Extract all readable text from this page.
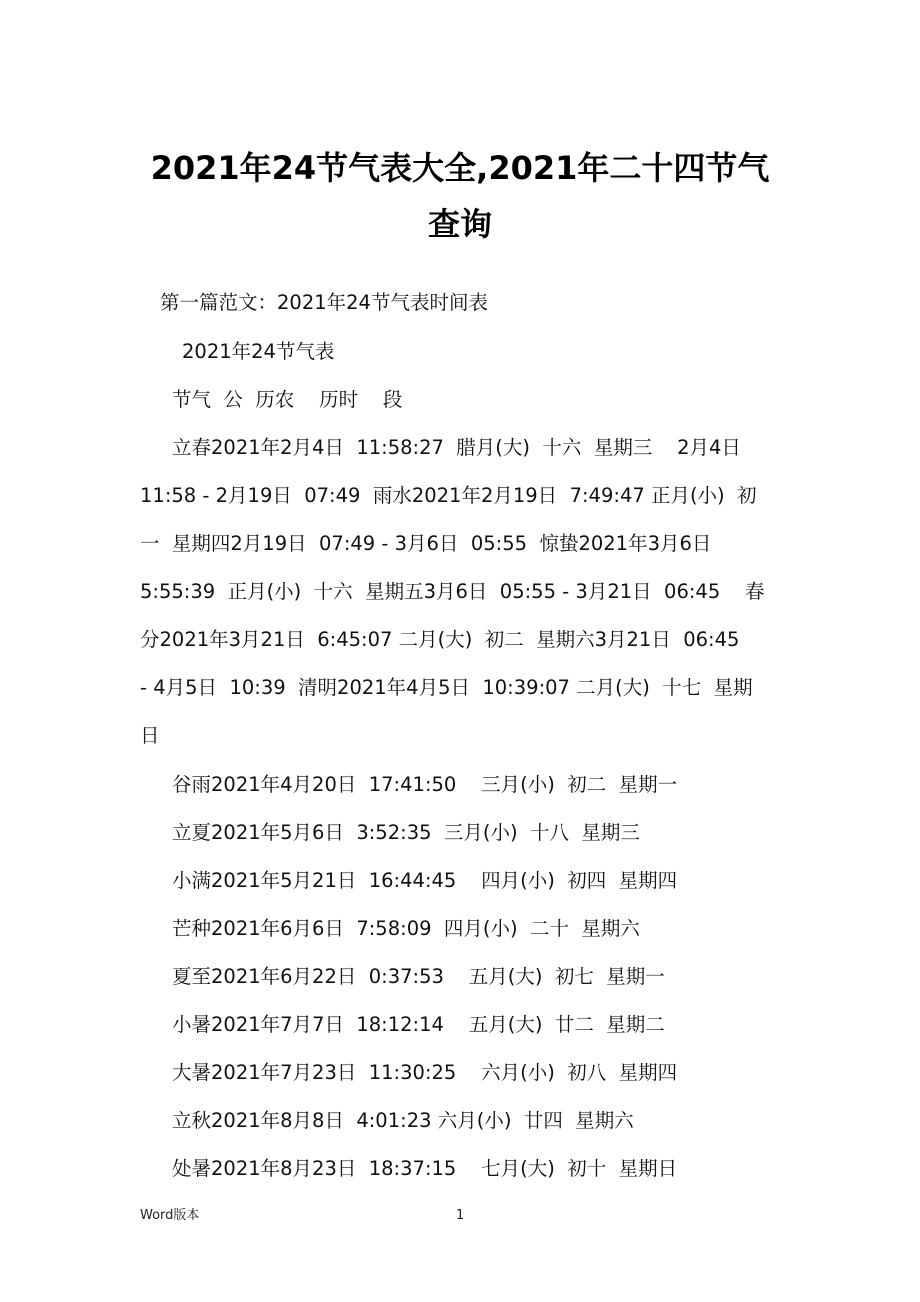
2021年24节气表大全,2021年二十四节气
查询
第一篇范文：2021年24节气表时间表
2021年24节气表
节气  公  历农    历时    段
立春2021年2月4日  11:58:27  腊月(大)  十六  星期三    2月4日
11:58 - 2月19日  07:49  雨水2021年2月19日  7:49:47 正月(小)  初
一  星期四2月19日  07:49 - 3月6日  05:55  惊蛰2021年3月6日
5:55:39  正月(小)  十六  星期五3月6日  05:55 - 3月21日  06:45    春
分2021年3月21日  6:45:07 二月(大)  初二  星期六3月21日  06:45
- 4月5日  10:39  清明2021年4月5日  10:39:07 二月(大)  十七  星期
日
谷雨2021年4月20日  17:41:50    三月(小)  初二  星期一
立夏2021年5月6日  3:52:35  三月(小)  十八  星期三
小满2021年5月21日  16:44:45    四月(小)  初四  星期四
芒种2021年6月6日  7:58:09  四月(小)  二十  星期六
夏至2021年6月22日  0:37:53    五月(大)  初七  星期一
小暑2021年7月7日  18:12:14    五月(大)  廿二  星期二
大暑2021年7月23日  11:30:25    六月(小)  初八  星期四
立秋2021年8月8日  4:01:23 六月(小)  廿四  星期六
处暑2021年8月23日  18:37:15    七月(大)  初十  星期日
Word版本	1
